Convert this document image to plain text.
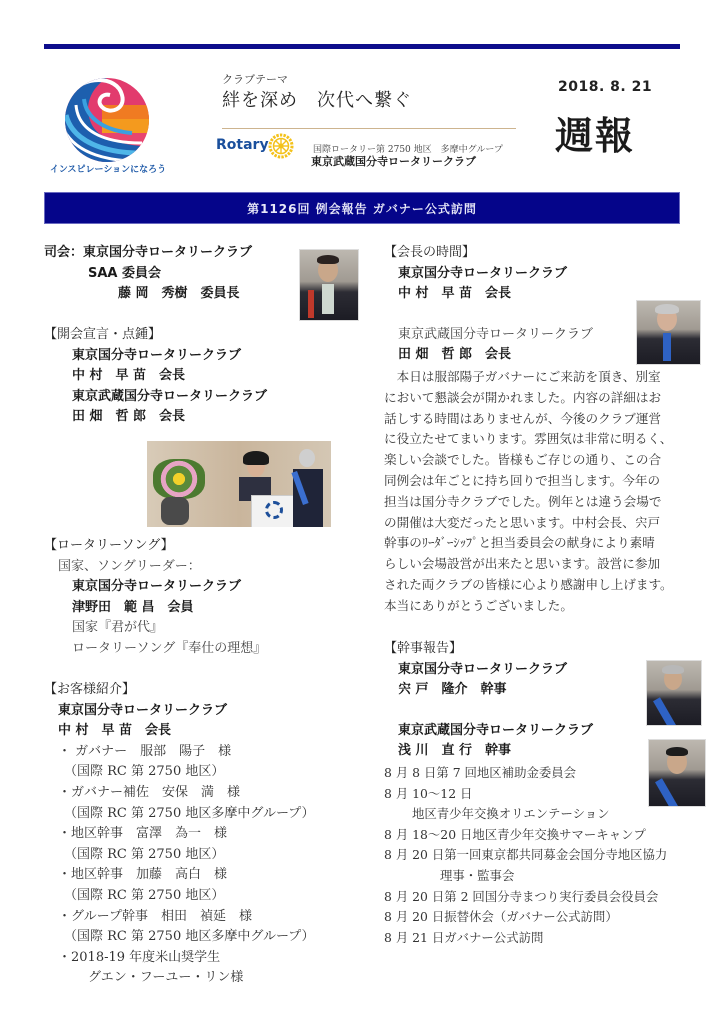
インスピレーションになろう
クラブテーマ
絆を深め　次代へ繋ぐ
Rotary	国際ロータリー第 2750 地区　多摩中グループ
東京武蔵国分寺ロータリークラブ
2018. 8. 21
週報
第1126回 例会報告 ガバナー公式訪問
司会：東京国分寺ロータリークラブ
SAA 委員会
藤 岡　秀樹　委員長
【開会宣言・点鍾】
東京国分寺ロータリークラブ
中 村　早 苗　会長
東京武蔵国分寺ロータリークラブ
田 畑　哲 郎　会長
【ロータリーソング】
国家、ソングリーダー：
東京国分寺ロータリークラブ
津野田　範 昌　会員
国家『君が代』
ロータリーソング『奉仕の理想』
【お客様紹介】
東京国分寺ロータリークラブ
中 村　早 苗　会長
・ ガバナー　服部　陽子　様
（国際 RC 第 2750 地区）
・ガバナー補佐　安保　満　様
（国際 RC 第 2750 地区多摩中グループ）
・地区幹事　富澤　為一　様
（国際 RC 第 2750 地区）
・地区幹事　加藤　高白　様
（国際 RC 第 2750 地区）
・グループ幹事　相田　禎延　様
（国際 RC 第 2750 地区多摩中グループ）
・2018-19 年度米山奨学生
グエン・フーユー・リン様
【会長の時間】
東京国分寺ロータリークラブ
中 村　早 苗　会長
東京武蔵国分寺ロータリークラブ
田 畑　哲 郎　会長
本日は服部陽子ガバナーにご来訪を頂き、別室
において懇談会が開かれました。内容の詳細はお
話しする時間はありませんが、今後のクラブ運営
に役立たせてまいります。雰囲気は非常に明るく、
楽しい会談でした。皆様もご存じの通り、この合
同例会は年ごとに持ち回りで担当します。今年の
担当は国分寺クラブでした。例年とは違う会場で
の開催は大変だったと思います。中村会長、宍戸
幹事のﾘｰﾀﾞｰｼｯﾌﾟと担当委員会の献身により素晴
らしい会場設営が出来たと思います。設営に参加
された両クラブの皆様に心より感謝申し上げます。
本当にありがとうございました。
【幹事報告】
東京国分寺ロータリークラブ
宍 戸　隆介　幹事
東京武蔵国分寺ロータリークラブ
浅 川　直 行　幹事
8 月 8 日第 7 回地区補助金委員会
8 月 10～12 日
地区青少年交換オリエンテーション
8 月 18～20 日地区青少年交換サマーキャンプ
8 月 20 日第一回東京都共同募金会国分寺地区協力
理事・監事会
8 月 20 日第 2 回国分寺まつり実行委員会役員会
8 月 20 日振替休会（ガバナー公式訪問）
8 月 21 日ガバナー公式訪問
